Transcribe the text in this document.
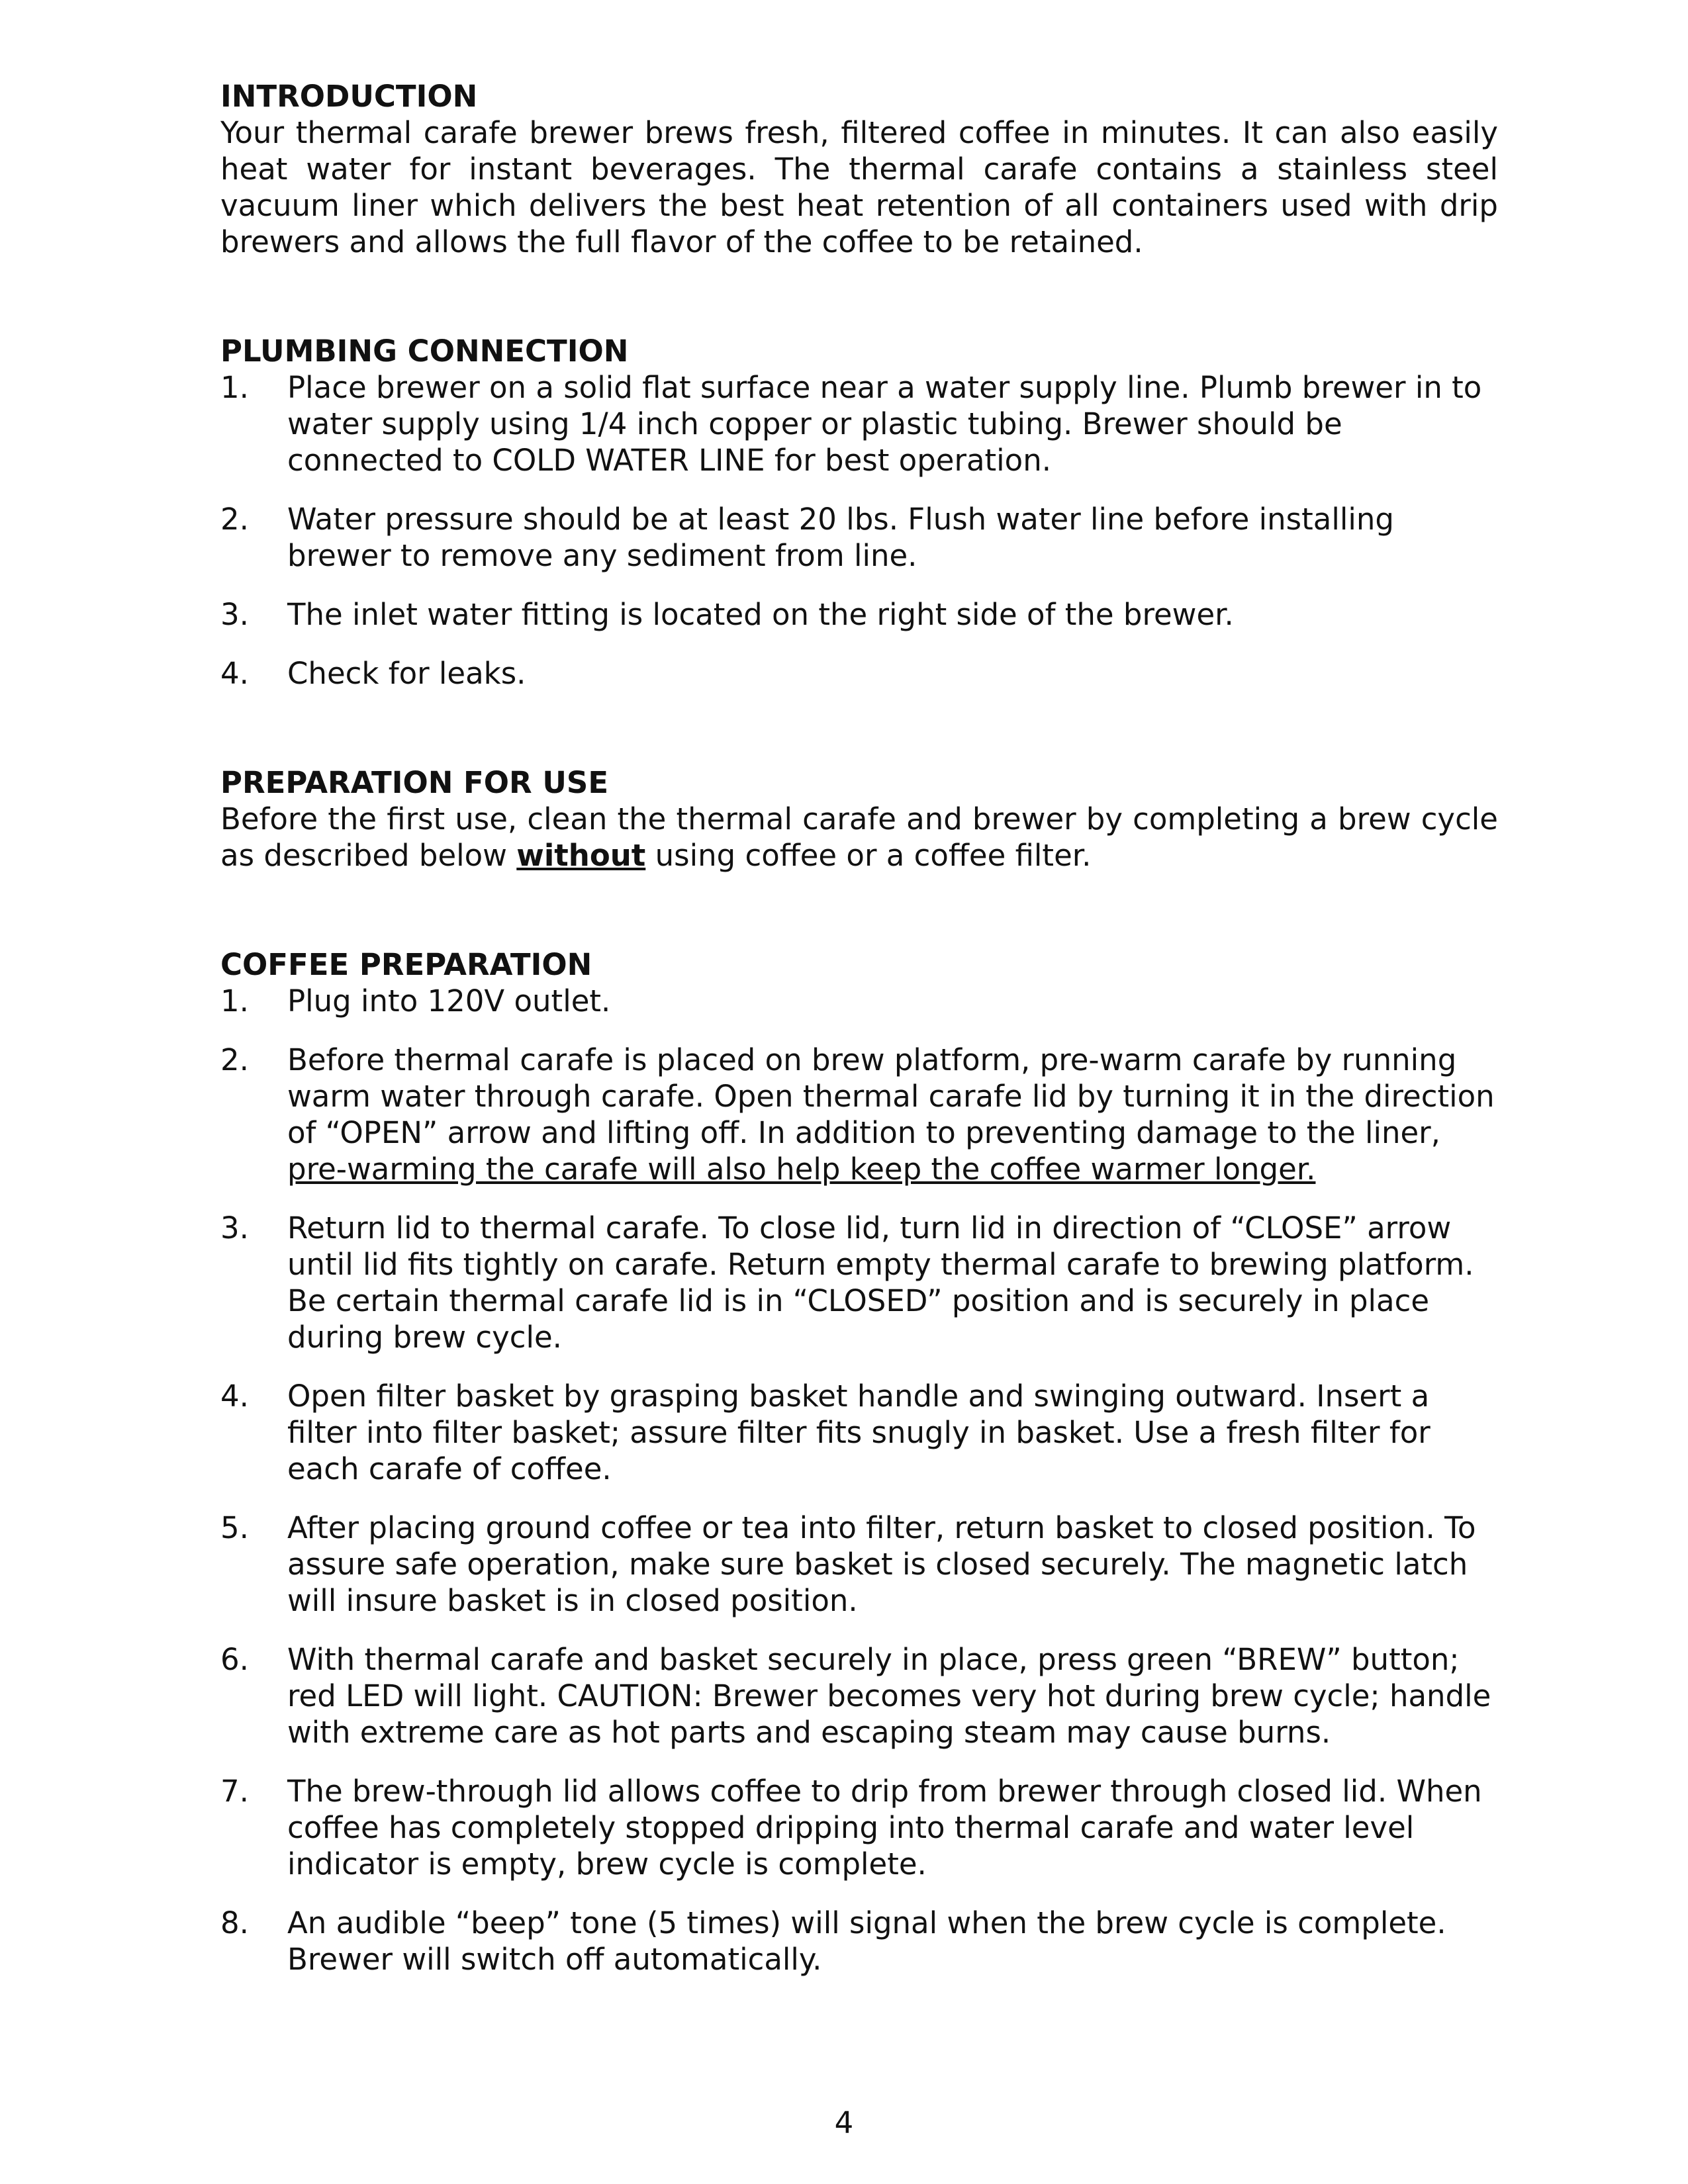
INTRODUCTION

Your thermal carafe brewer brews fresh, filtered coffee in minutes. It can also easily heat water for instant beverages. The thermal carafe contains a stainless steel vacuum liner which delivers the best heat retention of all containers used with drip brewers and allows the full flavor of the coffee to be retained.

PLUMBING CONNECTION

1. Place brewer on a solid flat surface near a water supply line. Plumb brewer in to water supply using 1/4 inch copper or plastic tubing. Brewer should be connected to COLD WATER LINE for best operation.
2. Water pressure should be at least 20 lbs. Flush water line before installing brewer to remove any sediment from line.
3. The inlet water fitting is located on the right side of the brewer.
4. Check for leaks.

PREPARATION FOR USE

Before the first use, clean the thermal carafe and brewer by completing a brew cycle as described below without using coffee or a coffee filter.

COFFEE PREPARATION

1. Plug into 120V outlet.
2. Before thermal carafe is placed on brew platform, pre-warm carafe by running warm water through carafe. Open thermal carafe lid by turning it in the direction of “OPEN” arrow and lifting off. In addition to preventing damage to the liner, pre-warming the carafe will also help keep the coffee warmer longer.
3. Return lid to thermal carafe. To close lid, turn lid in direction of “CLOSE” arrow until lid fits tightly on carafe. Return empty thermal carafe to brewing platform. Be certain thermal carafe lid is in “CLOSED” position and is securely in place during brew cycle.
4. Open filter basket by grasping basket handle and swinging outward. Insert a filter into filter basket; assure filter fits snugly in basket. Use a fresh filter for each carafe of coffee.
5. After placing ground coffee or tea into filter, return basket to closed position. To assure safe operation, make sure basket is closed securely. The magnetic latch will insure basket is in closed position.
6. With thermal carafe and basket securely in place, press green “BREW” button; red LED will light. CAUTION: Brewer becomes very hot during brew cycle; handle with extreme care as hot parts and escaping steam may cause burns.
7. The brew-through lid allows coffee to drip from brewer through closed lid. When coffee has completely stopped dripping into thermal carafe and water level indicator is empty, brew cycle is complete.
8. An audible “beep” tone (5 times) will signal when the brew cycle is complete. Brewer will switch off automatically.
4
